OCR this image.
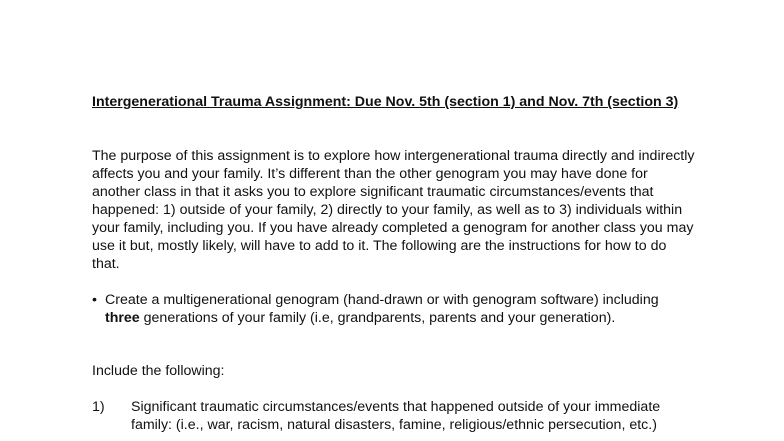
Intergenerational Trauma Assignment: Due Nov. 5th (section 1) and Nov. 7th (section 3)

The purpose of this assignment is to explore how intergenerational trauma directly and indirectly affects you and your family. It’s different than the other genogram you may have done for another class in that it asks you to explore significant traumatic circumstances/events that happened: 1) outside of your family, 2) directly to your family, as well as to 3) individuals within your family, including you. If you have already completed a genogram for another class you may use it but, mostly likely, will have to add to it. The following are the instructions for how to do that.

• Create a multigenerational genogram (hand-drawn or with genogram software) including three generations of your family (i.e, grandparents, parents and your generation).

Include the following:

1)	Significant traumatic circumstances/events that happened outside of your immediate family: (i.e., war, racism, natural disasters, famine, religious/ethnic persecution, etc.)
